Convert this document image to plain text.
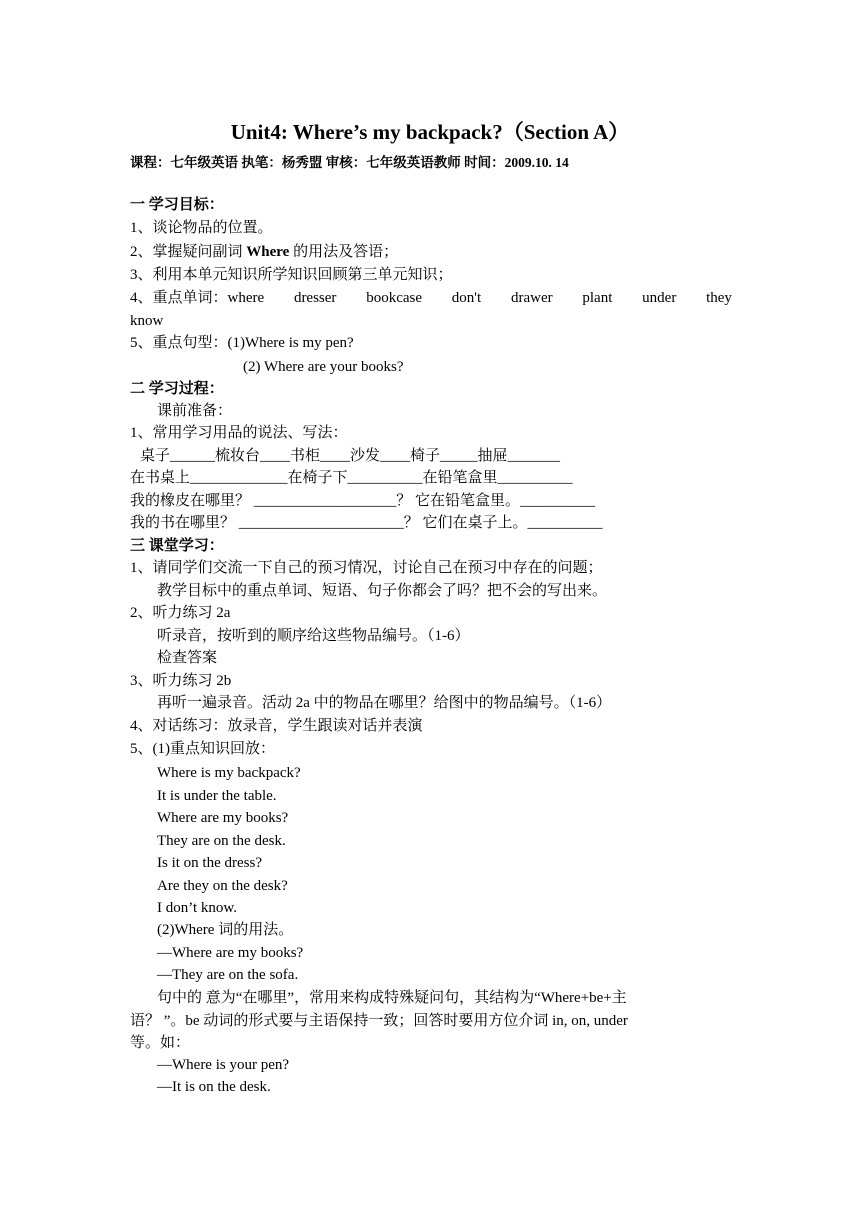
Unit4: Where’s my backpack?（Section A）
课程：七年级英语 执笔：杨秀盟 审核：七年级英语教师 时间：2009.10. 14
一 学习目标：
1、谈论物品的位置。
2、掌握疑问副词 Where 的用法及答语；
3、利用本单元知识所学知识回顾第三单元知识；
4、重点单词：where dresser bookcase don't drawer plant under they
know
5、重点句型：(1)Where is my pen?
(2) Where are your books?
二 学习过程：
课前准备：
1、常用学习用品的说法、写法：
桌子______梳妆台____书柜____沙发____椅子_____抽屉_______
在书桌上_____________在椅子下__________在铅笔盒里__________
我的橡皮在哪里？ ___________________？ 它在铅笔盒里。__________
我的书在哪里？ ______________________？ 它们在桌子上。__________
三 课堂学习：
1、请同学们交流一下自己的预习情况，讨论自己在预习中存在的问题；
教学目标中的重点单词、短语、句子你都会了吗？把不会的写出来。
2、听力练习 2a
听录音，按听到的顺序给这些物品编号。（1-6）
检查答案
3、听力练习 2b
再听一遍录音。活动 2a 中的物品在哪里？给图中的物品编号。（1-6）
4、对话练习：放录音，学生跟读对话并表演
5、(1)重点知识回放：
Where is my backpack?
It is under the table.
Where are my books?
They are on the desk.
Is it on the dress?
Are they on the desk?
I don’t know.
(2)Where 词的用法。
—Where are my books?
—They are on the sofa.
句中的 意为“在哪里”，常用来构成特殊疑问句，其结构为“Where+be+主
语？ ”。be 动词的形式要与主语保持一致；回答时要用方位介词 in, on, under
等。如：
—Where is your pen?
—It is on the desk.
